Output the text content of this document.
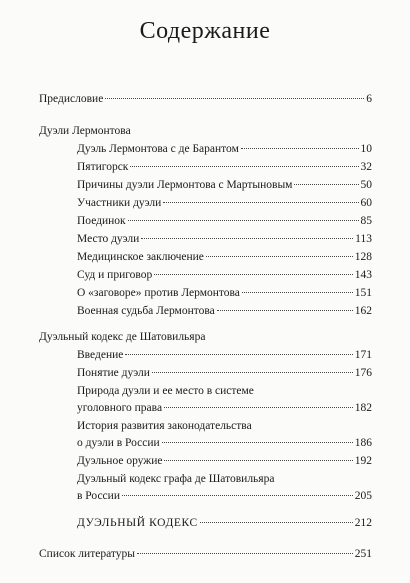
Содержание
Предисловие	6
Дуэли Лермонтова
Дуэль Лермонтова с де Барантом	10
Пятигорск	32
Причины дуэли Лермонтова с Мартыновым	50
Участники дуэли	60
Поединок	85
Место дуэли	113
Медицинское заключение	128
Суд и приговор	143
О «заговоре» против Лермонтова	151
Военная судьба Лермонтова	162
Дуэльный кодекс де Шатовильяра
Введение	171
Понятие дуэли	176
Природа дуэли и ее место в системе
уголовного права	182
История развития законодательства
о дуэли в России	186
Дуэльное оружие	192
Дуэльный кодекс графа де Шатовильяра
в России	205
ДУЭЛЬНЫЙ КОДЕКС	212
Список литературы	251
